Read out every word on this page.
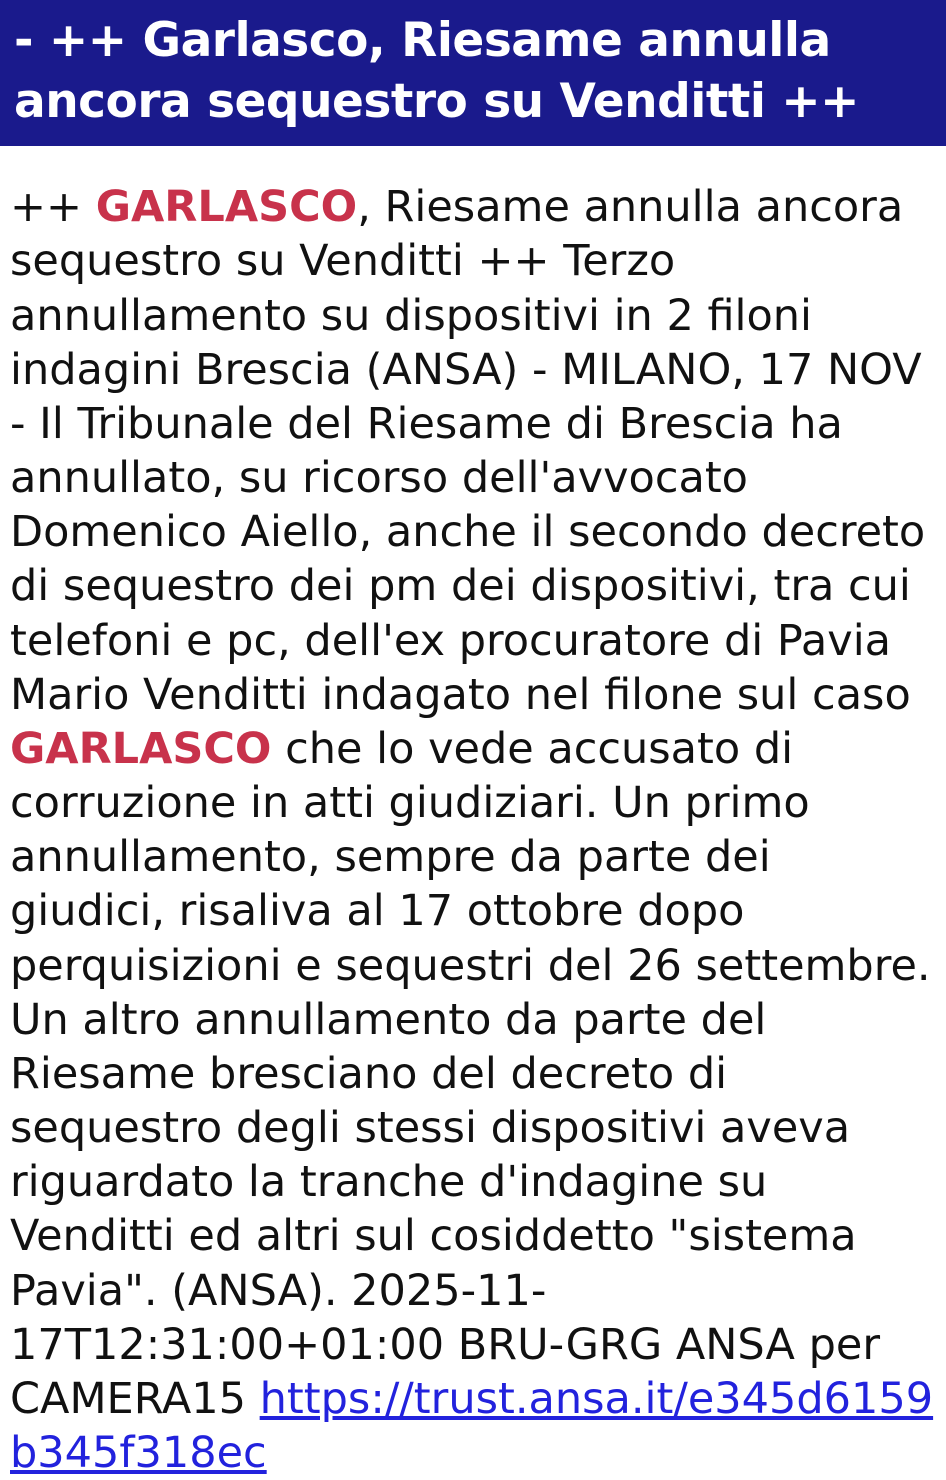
- ++ Garlasco, Riesame annulla
ancora sequestro su Venditti ++
++ GARLASCO, Riesame annulla ancora sequestro su Venditti ++ Terzo annullamento su dispositivi in 2 filoni indagini Brescia (ANSA) - MILANO, 17 NOV - Il Tribunale del Riesame di Brescia ha annullato, su ricorso dell'avvocato Domenico Aiello, anche il secondo decreto di sequestro dei pm dei dispositivi, tra cui telefoni e pc, dell'ex procuratore di Pavia Mario Venditti indagato nel filone sul caso GARLASCO che lo vede accusato di corruzione in atti giudiziari. Un primo annullamento, sempre da parte dei giudici, risaliva al 17 ottobre dopo perquisizioni e sequestri del 26 settembre. Un altro annullamento da parte del Riesame bresciano del decreto di sequestro degli stessi dispositivi aveva riguardato la tranche d'indagine su Venditti ed altri sul cosiddetto "sistema Pavia". (ANSA). 2025-11-17T12:31:00+01:00 BRU-GRG ANSA per CAMERA15 https://trust.ansa.it/e345d6159b345f318ec
